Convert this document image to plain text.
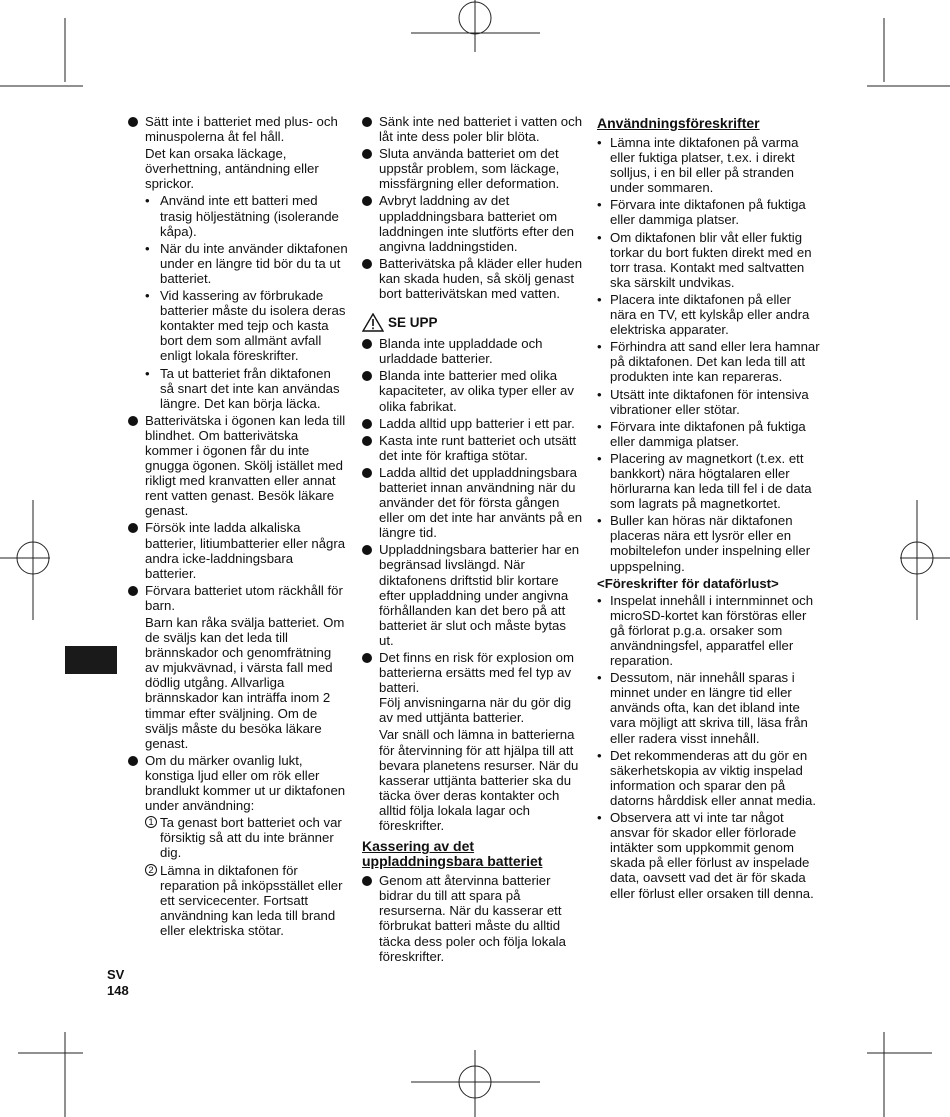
Sätt inte i batteriet med plus- och minuspolerna åt fel håll.

Det kan orsaka läckage, överhettning, antändning eller sprickor.

• Använd inte ett batteri med trasig höljestätning (isolerande kåpa).

• När du inte använder diktafonen under en längre tid bör du ta ut batteriet.

• Vid kassering av förbrukade batterier måste du isolera deras kontakter med tejp och kasta bort dem som allmänt avfall enligt lokala föreskrifter.

• Ta ut batteriet från diktafonen så snart det inte kan användas längre. Det kan börja läcka.

Batterivätska i ögonen kan leda till blindhet. Om batterivätska kommer i ögonen får du inte gnugga ögonen. Skölj istället med rikligt med kranvatten eller annat rent vatten genast. Besök läkare genast.

Försök inte ladda alkaliska batterier, litiumbatterier eller några andra icke-laddningsbara batterier.

Förvara batteriet utom räckhåll för barn.

Barn kan råka svälja batteriet. Om de sväljs kan det leda till brännskador och genomfrätning av mjukvävnad, i värsta fall med dödlig utgång. Allvarliga brännskador kan inträffa inom 2 timmar efter sväljning. Om de sväljs måste du besöka läkare genast.

Om du märker ovanlig lukt, konstiga ljud eller om rök eller brandlukt kommer ut ur diktafonen under användning:

1 Ta genast bort batteriet och var försiktig så att du inte bränner dig.
2 Lämna in diktafonen för reparation på inköpsstället eller ett servicecenter. Fortsatt användning kan leda till brand eller elektriska stötar.

Sänk inte ned batteriet i vatten och låt inte dess poler blir blöta.

Sluta använda batteriet om det uppstår problem, som läckage, missfärgning eller deformation.

Avbryt laddning av det uppladdningsbara batteriet om laddningen inte slutförts efter den angivna laddningstiden.

Batterivätska på kläder eller huden kan skada huden, så skölj genast bort batterivätskan med vatten.

SE UPP

Blanda inte uppladdade och urladdade batterier.

Blanda inte batterier med olika kapaciteter, av olika typer eller av olika fabrikat.

Ladda alltid upp batterier i ett par.

Kasta inte runt batteriet och utsätt det inte för kraftiga stötar.

Ladda alltid det uppladdningsbara batteriet innan användning när du använder det för första gången eller om det inte har använts på en längre tid.

Uppladdningsbara batterier har en begränsad livslängd. När diktafonens driftstid blir kortare efter uppladdning under angivna förhållanden kan det bero på att batteriet är slut och måste bytas ut.

Det finns en risk för explosion om batterierna ersätts med fel typ av batteri.

Följ anvisningarna när du gör dig av med uttjänta batterier.

Var snäll och lämna in batterierna för återvinning för att hjälpa till att bevara planetens resurser. När du kasserar uttjänta batterier ska du täcka över deras kontakter och alltid följa lokala lagar och föreskrifter.

Kassering av det uppladdningsbara batteriet

Genom att återvinna batterier bidrar du till att spara på resurserna. När du kasserar ett förbrukat batteri måste du alltid täcka dess poler och följa lokala föreskrifter.

Användningsföreskrifter

• Lämna inte diktafonen på varma eller fuktiga platser, t.ex. i direkt solljus, i en bil eller på stranden under sommaren.

• Förvara inte diktafonen på fuktiga eller dammiga platser.

• Om diktafonen blir våt eller fuktig torkar du bort fukten direkt med en torr trasa. Kontakt med saltvatten ska särskilt undvikas.

• Placera inte diktafonen på eller nära en TV, ett kylskåp eller andra elektriska apparater.

• Förhindra att sand eller lera hamnar på diktafonen. Det kan leda till att produkten inte kan repareras.

• Utsätt inte diktafonen för intensiva vibrationer eller stötar.

• Förvara inte diktafonen på fuktiga eller dammiga platser.

• Placering av magnetkort (t.ex. ett bankkort) nära högtalaren eller hörlurarna kan leda till fel i de data som lagrats på magnetkortet.

• Buller kan höras när diktafonen placeras nära ett lysrör eller en mobiltelefon under inspelning eller uppspelning.

<Föreskrifter för dataförlust>

• Inspelat innehåll i internminnet och microSD-kortet kan förstöras eller gå förlorat p.g.a. orsaker som användningsfel, apparatfel eller reparation.

• Dessutom, när innehåll sparas i minnet under en längre tid eller används ofta, kan det ibland inte vara möjligt att skriva till, läsa från eller radera visst innehåll.

• Det rekommenderas att du gör en säkerhetskopia av viktig inspelad information och sparar den på datorns hårddisk eller annat media.

• Observera att vi inte tar något ansvar för skador eller förlorade intäkter som uppkommit genom skada på eller förlust av inspelade data, oavsett vad det är för skada eller förlust eller orsaken till denna.

SV
148
